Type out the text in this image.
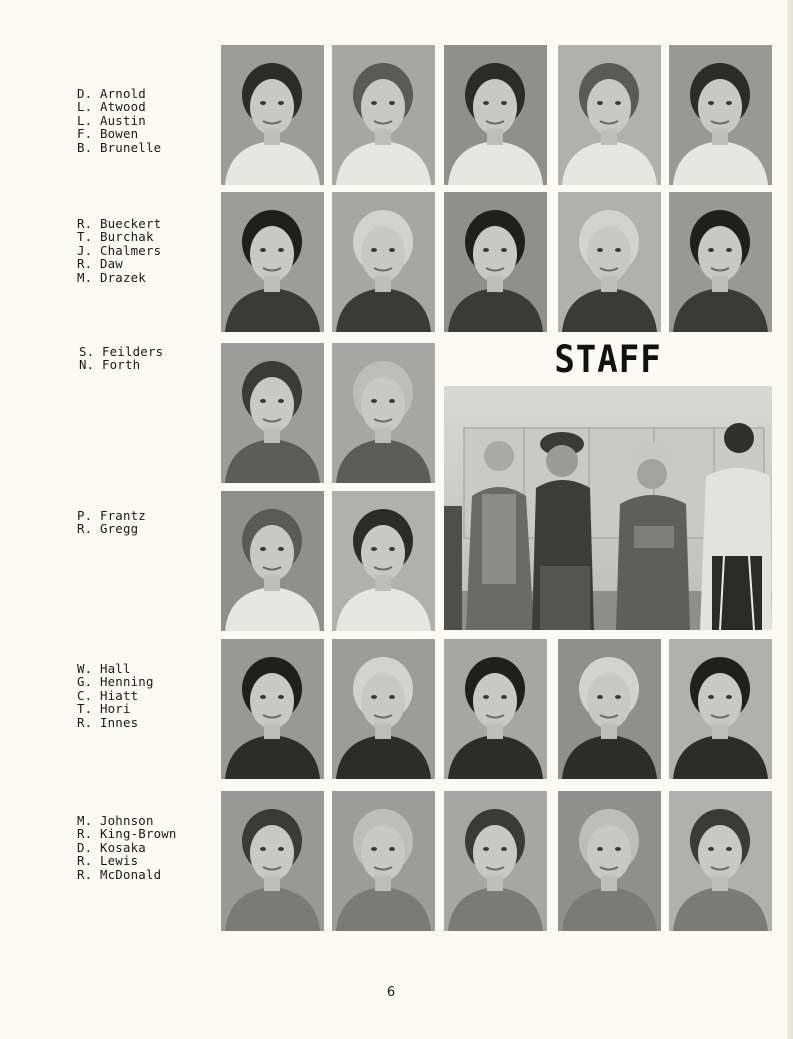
D. Arnold
L. Atwood
L. Austin
F. Bowen
B. Brunelle
R. Bueckert
T. Burchak
J. Chalmers
R. Daw
M. Drazek
S. Feilders
N. Forth
P. Frantz
R. Gregg
W. Hall
G. Henning
C. Hiatt
T. Hori
R. Innes
M. Johnson
R. King-Brown
D. Kosaka
R. Lewis
R. McDonald
STAFF
6
